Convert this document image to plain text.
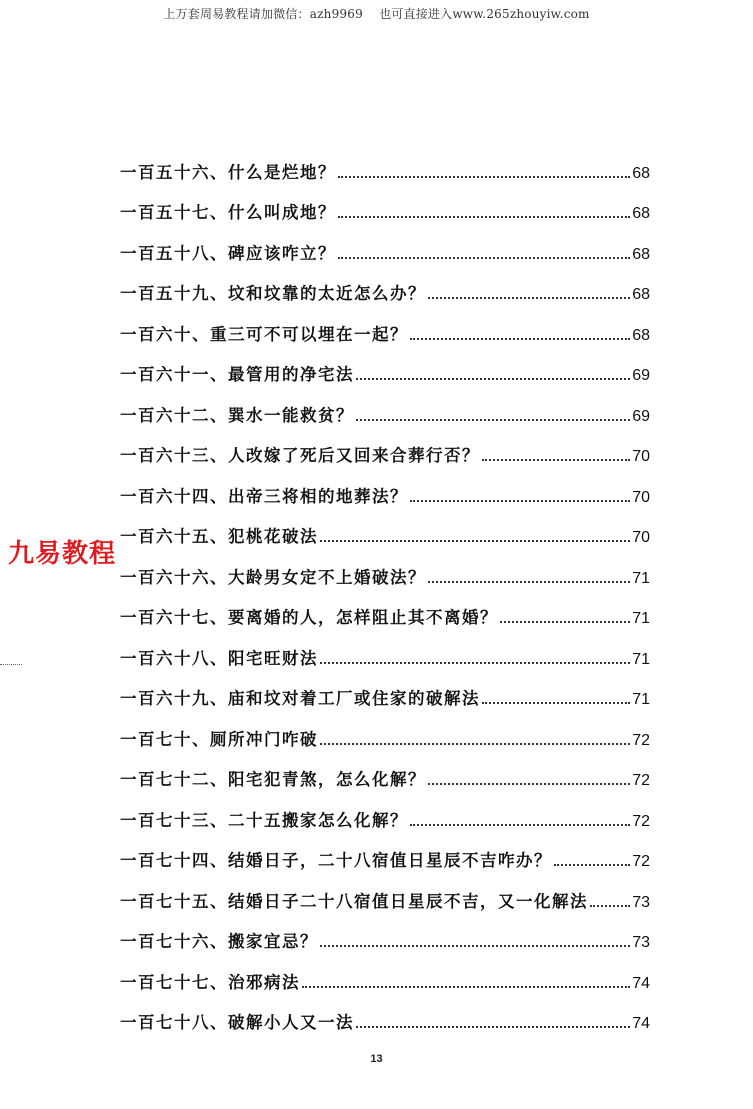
上万套周易教程请加微信：azh9969　 也可直接进入www.265zhouyiw.com
一百五十六、什么是烂地？	68
一百五十七、什么叫成地？	68
一百五十八、碑应该咋立？	68
一百五十九、坟和坟靠的太近怎么办？	68
一百六十、重三可不可以埋在一起？	68
一百六十一、最管用的净宅法	69
一百六十二、巽水一能救贫？	69
一百六十三、人改嫁了死后又回来合葬行否？	70
一百六十四、出帝三将相的地葬法？	70
一百六十五、犯桃花破法	70
一百六十六、大龄男女定不上婚破法？	71
一百六十七、要离婚的人，怎样阻止其不离婚？	71
一百六十八、阳宅旺财法	71
一百六十九、庙和坟对着工厂或住家的破解法	71
一百七十、厕所冲门咋破	72
一百七十二、阳宅犯青煞，怎么化解？	72
一百七十三、二十五搬家怎么化解？	72
一百七十四、结婚日子，二十八宿值日星辰不吉咋办？	72
一百七十五、结婚日子二十八宿值日星辰不吉，又一化解法	73
一百七十六、搬家宜忌？	73
一百七十七、治邪病法	74
一百七十八、破解小人又一法	74
九易教程
13
